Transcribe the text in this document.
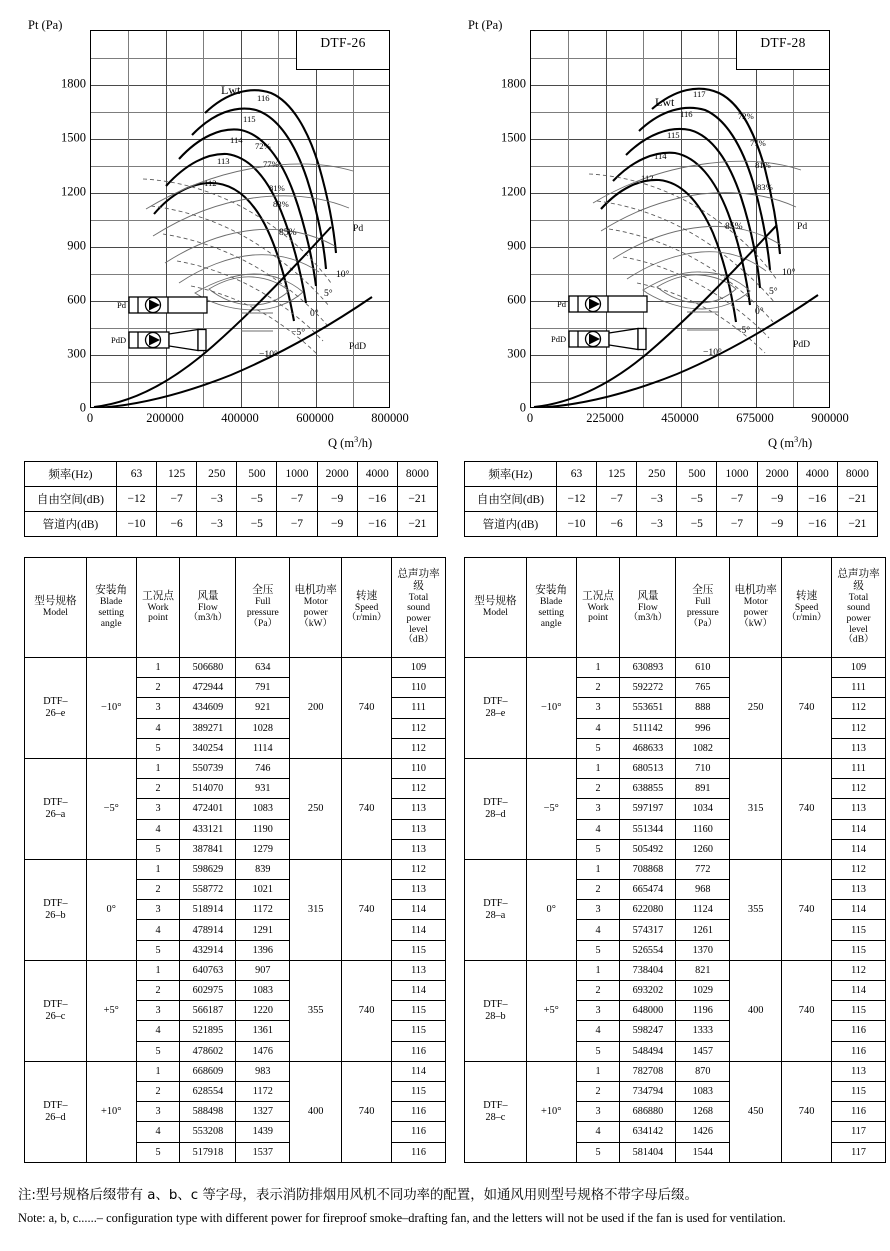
Pt (Pa)
1800
1500
1200
900
600
300
0
0	200000	400000	600000	800000
Q $(m^3/h)$
DTF-26
Lwt
116
115
114
113
112
72%
77%
81%
83%
85%
10°
5°
0°
−5°
−10°
Pd
PdD
Pd
PdD
Pt (Pa)
1800
1500
1200
900
600
300
0
0	225000	450000	675000	900000
Q $(m^3/h)$
DTF-28
Lwt
117
116
115
114
112
72%
77%
81%
83%
85%
10°
5°
0°
−5°
−10°
Pd
PdD
Pd
PdD
频率(Hz)	63	125	250	500	1000	2000	4000	8000
自由空间(dB)	−12	−7	−3	−5	−7	−9	−16	−21
管道内(dB)	−10	−6	−3	−5	−7	−9	−16	−21
频率(Hz)	63	125	250	500	1000	2000	4000	8000
自由空间(dB)	−12	−7	−3	−5	−7	−9	−16	−21
管道内(dB)	−10	−6	−3	−5	−7	−9	−16	−21
型号规格
Model

安装角
Blade
setting
angle

工况点
Work
point

风量
Flow
（m3/h）

全压
Full
pressure
（Pa）

电机功率
Motor
power
（kW）

转速
Speed
（r/min）

总声功率级
Total
sound
power
level
（dB）

DTF–
26–e	−10°	1	506680	634	200	740	109
		2	472944	791			110
		3	434609	921			111
		4	389271	1028			112
		5	340254	1114			112

DTF–
26–a	−5°	1	550739	746	250	740	110
		2	514070	931			112
		3	472401	1083			113
		4	433121	1190			113
		5	387841	1279			113

DTF–
26–b	0°	1	598629	839	315	740	112
		2	558772	1021			113
		3	518914	1172			114
		4	478914	1291			114
		5	432914	1396			115

DTF–
26–c	+5°	1	640763	907	355	740	113
		2	602975	1083			114
		3	566187	1220			115
		4	521895	1361			115
		5	478602	1476			116

DTF–
26–d	+10°	1	668609	983	400	740	114
		2	628554	1172			115
		3	588498	1327			116
		4	553208	1439			116
		5	517918	1537			116
型号规格
Model

安装角
Blade
setting
angle

工况点
Work
point

风量
Flow
（m3/h）

全压
Full
pressure
（Pa）

电机功率
Motor
power
（kW）

转速
Speed
（r/min）

总声功率级
Total
sound
power
level
（dB）

DTF–
28–e	−10°	1	630893	610	250	740	109
		2	592272	765			111
		3	553651	888			112
		4	511142	996			112
		5	468633	1082			113

DTF–
28–d	−5°	1	680513	710	315	740	111
		2	638855	891			112
		3	597197	1034			113
		4	551344	1160			114
		5	505492	1260			114

DTF–
28–a	0°	1	708868	772	355	740	112
		2	665474	968			113
		3	622080	1124			114
		4	574317	1261			115
		5	526554	1370			115

DTF–
28–b	+5°	1	738404	821	400	740	112
		2	693202	1029			114
		3	648000	1196			115
		4	598247	1333			116
		5	548494	1457			116

DTF–
28–c	+10°	1	782708	870	450	740	113
		2	734794	1083			115
		3	686880	1268			116
		4	634142	1426			117
		5	581404	1544			117
注:型号规格后缀带有 a、b、c 等字母，表示消防排烟用风机不同功率的配置，如通风用则型号规格不带字母后缀。
Note: a, b, c......– configuration type with different power for fireproof smoke–drafting fan, and the letters will not be used if the fan is used for ventilation.
